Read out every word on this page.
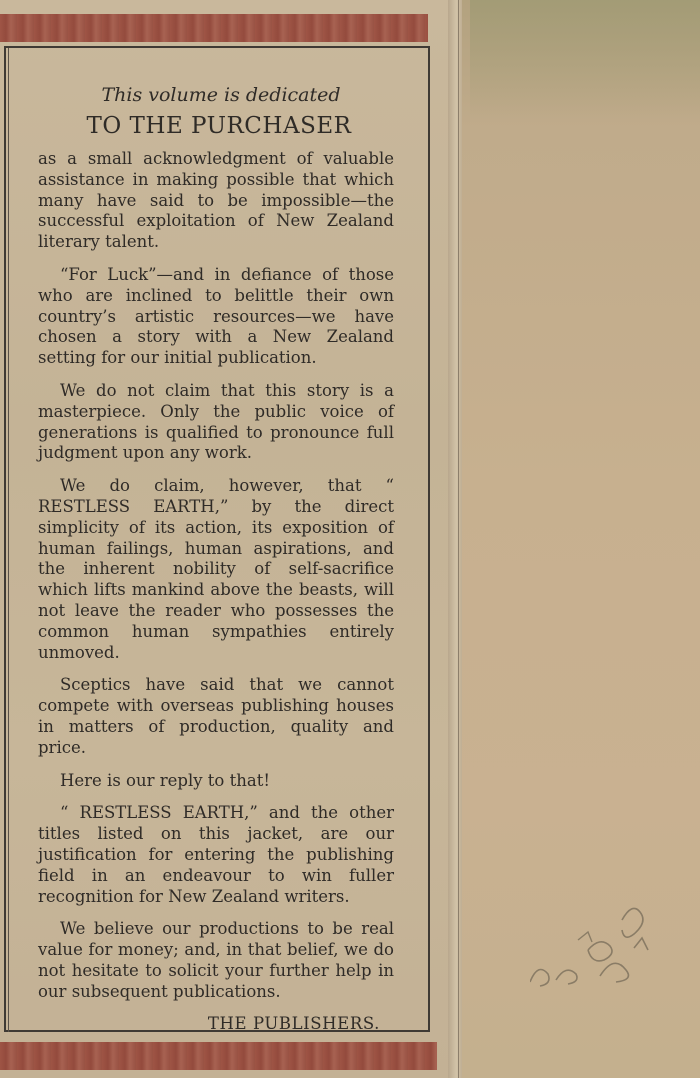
This volume is dedicated

TO THE PURCHASER

as a small acknowledgment of valuable assistance in making possible that which many have said to be impossible—the successful exploitation of New Zealand literary talent.

“For Luck”—and in defiance of those who are inclined to belittle their own country’s artistic resources—we have chosen a story with a New Zealand setting for our initial publication.

We do not claim that this story is a masterpiece. Only the public voice of generations is qualified to pronounce full judgment upon any work.

We do claim, however, that “ RESTLESS EARTH,” by the direct simplicity of its action, its exposition of human failings, human aspirations, and the inherent nobility of self-sacrifice which lifts mankind above the beasts, will not leave the reader who possesses the common human sympathies entirely unmoved.

Sceptics have said that we cannot compete with overseas publishing houses in matters of production, quality and price.

Here is our reply to that!

“ RESTLESS EARTH,” and the other titles listed on this jacket, are our justification for entering the publishing field in an endeavour to win fuller recognition for New Zealand writers.

We believe our productions to be real value for money; and, in that belief, we do not hesitate to solicit your further help in our subsequent publications.

THE PUBLISHERS.
